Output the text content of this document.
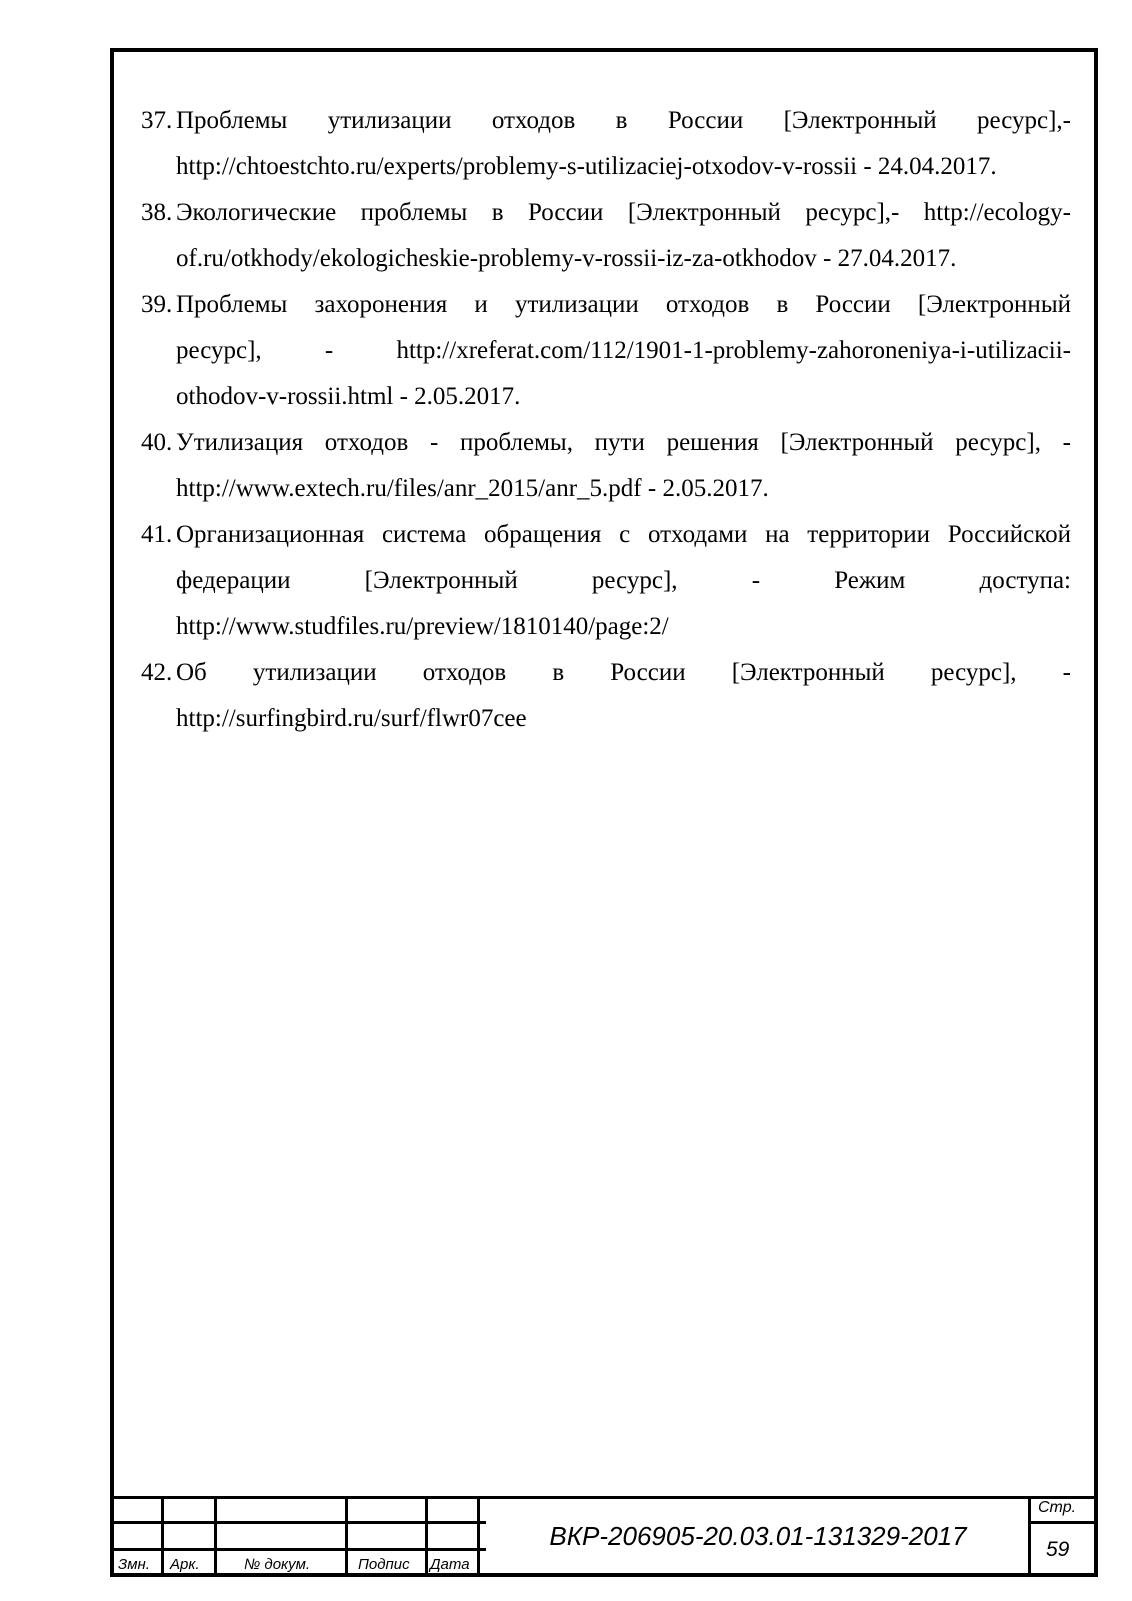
37. Проблемы утилизации отходов в России [Электронный ресурс],-
http://chtoestchto.ru/experts/problemy-s-utilizaciej-otxodov-v-rossii - 24.04.2017.
38. Экологические проблемы в России [Электронный ресурс],- http://ecology-
of.ru/otkhody/ekologicheskie-problemy-v-rossii-iz-za-otkhodov - 27.04.2017.
39. Проблемы захоронения и утилизации отходов в России [Электронный
ресурс], - http://xreferat.com/112/1901-1-problemy-zahoroneniya-i-utilizacii-
othodov-v-rossii.html - 2.05.2017.
40. Утилизация отходов - проблемы, пути решения [Электронный ресурс], -
http://www.extech.ru/files/anr_2015/anr_5.pdf - 2.05.2017.
41. Организационная система обращения с отходами на территории Российской
федерации [Электронный ресурс], - Режим доступа:
http://www.studfiles.ru/preview/1810140/page:2/
42. Об утилизации отходов в России [Электронный ресурс], -
http://surfingbird.ru/surf/flwr07cee
Змн. Арк.	№ докум.	Подпис Дата
ВКР-206905-20.03.01-131329-2017
Стр.
59
